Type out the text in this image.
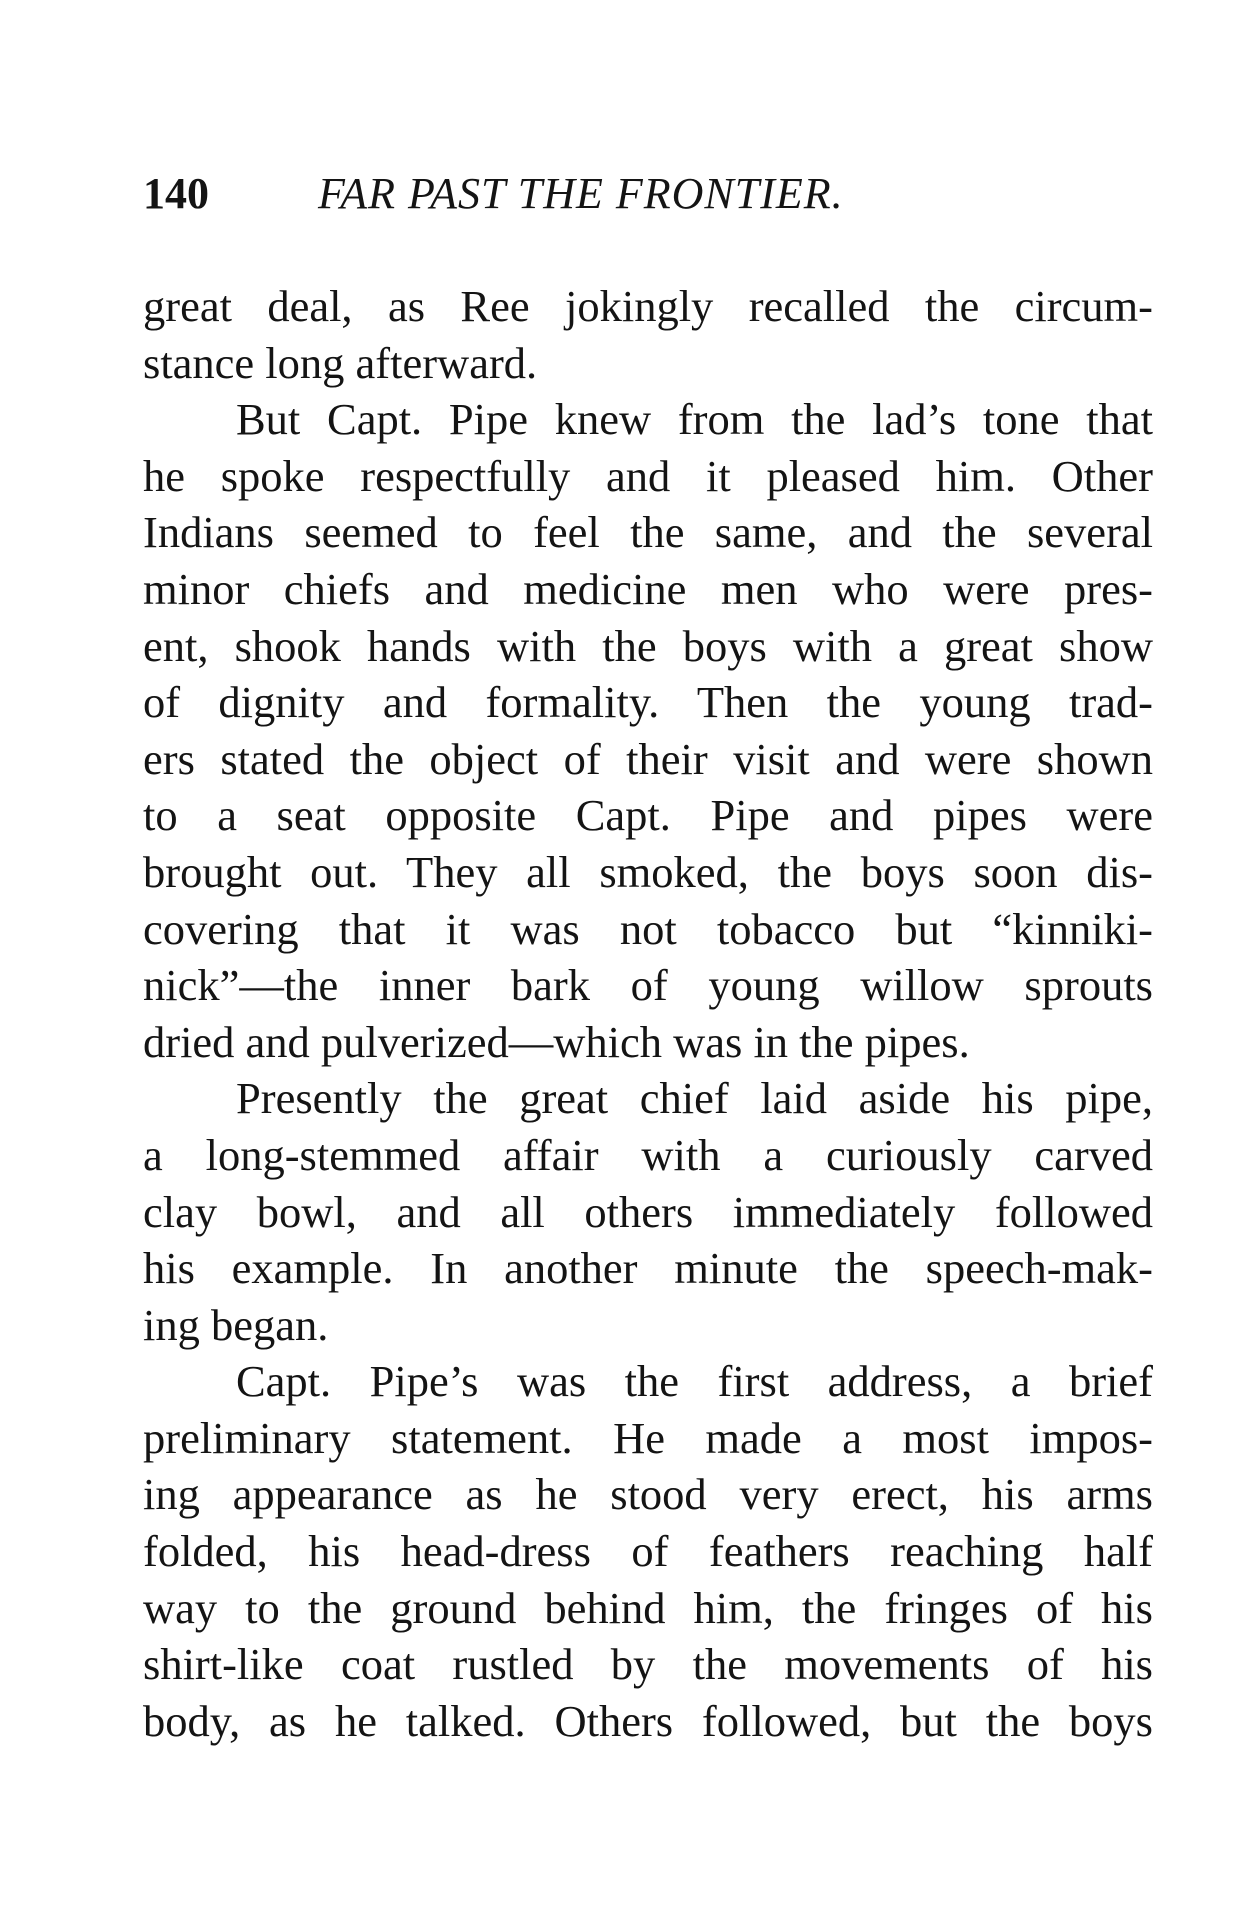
140	FAR PAST THE FRONTIER.
great deal, as Ree jokingly recalled the circum-
stance long afterward.
But Capt. Pipe knew from the lad’s tone that
he spoke respectfully and it pleased him. Other
Indians seemed to feel the same, and the several
minor chiefs and medicine men who were pres-
ent, shook hands with the boys with a great show
of dignity and formality. Then the young trad-
ers stated the object of their visit and were shown
to a seat opposite Capt. Pipe and pipes were
brought out. They all smoked, the boys soon dis-
covering that it was not tobacco but “kinniki-
nick”—the inner bark of young willow sprouts
dried and pulverized—which was in the pipes.
Presently the great chief laid aside his pipe,
a long-stemmed affair with a curiously carved
clay bowl, and all others immediately followed
his example. In another minute the speech-mak-
ing began.
Capt. Pipe’s was the first address, a brief
preliminary statement. He made a most impos-
ing appearance as he stood very erect, his arms
folded, his head-dress of feathers reaching half
way to the ground behind him, the fringes of his
shirt-like coat rustled by the movements of his
body, as he talked. Others followed, but the boys
